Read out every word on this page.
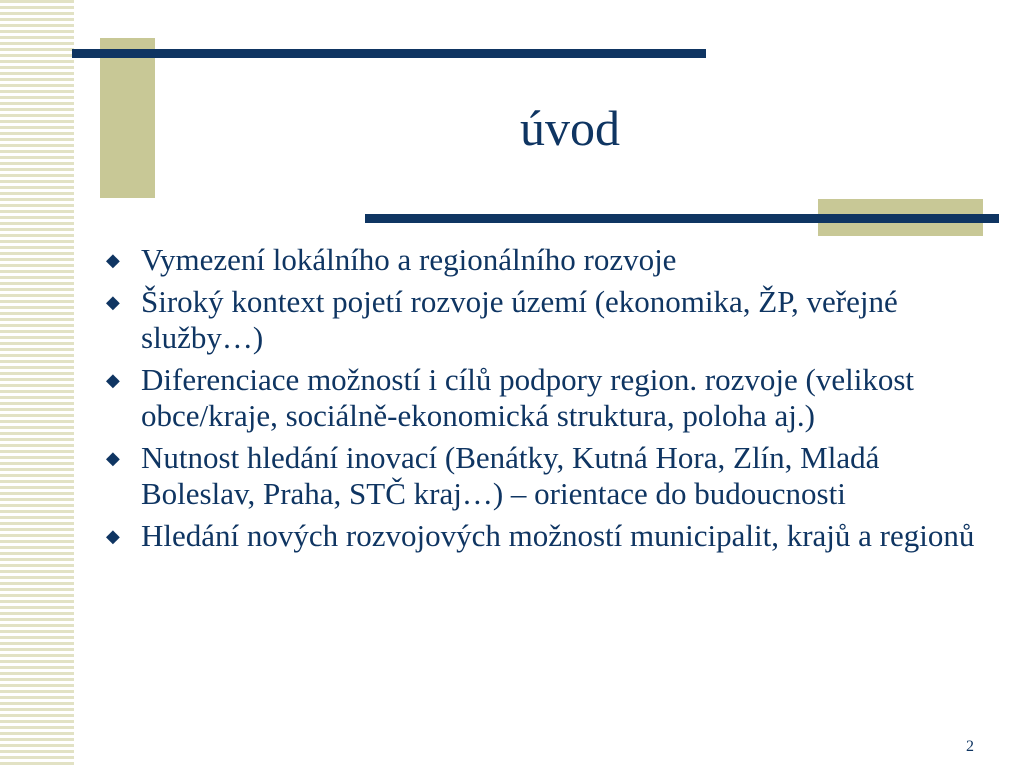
úvod
◆ Vymezení lokálního a regionálního rozvoje
◆ Široký kontext pojetí rozvoje území (ekonomika, ŽP, veřejné služby…)
◆ Diferenciace možností i cílů podpory region. rozvoje (velikost obce/kraje, sociálně-ekonomická struktura, poloha aj.)
◆ Nutnost hledání inovací (Benátky, Kutná Hora, Zlín, Mladá Boleslav, Praha, STČ kraj…) – orientace do budoucnosti
◆ Hledání nových rozvojových možností municipalit, krajů a regionů
2
